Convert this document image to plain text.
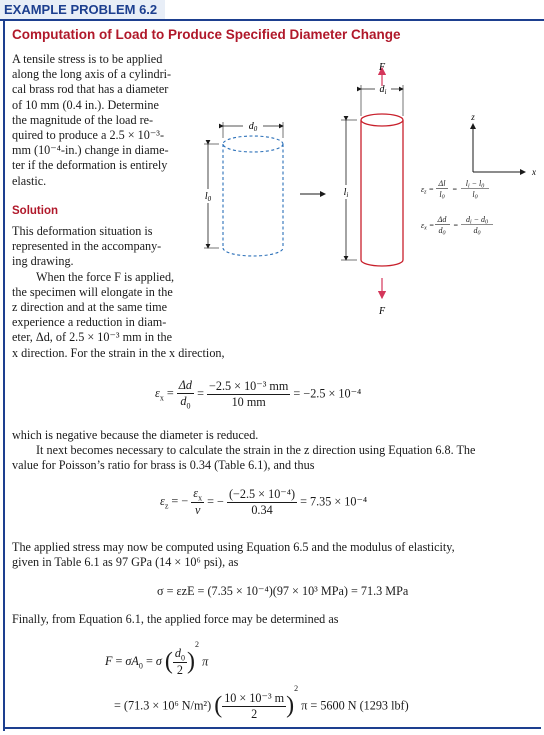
EXAMPLE PROBLEM 6.2
Computation of Load to Produce Specified Diameter Change
A tensile stress is to be applied
along the long axis of a cylindri-
cal brass rod that has a diameter
of 10 mm (0.4 in.). Determine
the magnitude of the load re-
quired to produce a 2.5 × 10⁻³-
mm (10⁻⁴-in.) change in diame-
ter if the deformation is entirely
elastic.
Solution
This deformation situation is
represented in the accompany-
ing drawing.
When the force F is applied,
the specimen will elongate in the
z direction and at the same time
experience a reduction in diam-
eter, Δd, of 2.5 × 10⁻³ mm in the
x direction. For the strain in the x direction,
$d_0$
$l_0$
$d_i$
$l_i$
F
F
z
x
εz =
Δl
l0
=
li − l0
l0
εx =
Δd
d0
=
di − d0
d0
$\varepsilon_x = \frac{\Delta d}{d_0} = \frac{\text{−2.5 × 10⁻³ mm}}{10 mm} = -2.5 \times 10^{-4}$
which is negative because the diameter is reduced.
It next becomes necessary to calculate the strain in the z direction using Equation 6.8. The
value for Poisson’s ratio for brass is 0.34 (Table 6.1), and thus
$\varepsilon_z$ = − $\frac{\varepsilon_x}{\nu}$ = − $\frac{\text{(−2.5 × 10⁻⁴)}}{0.34} = 7.35 \times 10^{-4}$
The applied stress may now be computed using Equation 6.5 and the modulus of elasticity,
given in Table 6.1 as 97 GPa (14 × 10⁶ psi), as
σ = εzE = (7.35 × 10⁻⁴)(97 × 10³ MPa) = 71.3 MPa
Finally, from Equation 6.1, the applied force may be determined as
$F = \sigma A_0 = \sigma$ ( $\frac{d_0}{2} )^2$ π
= (71.3 × 10⁶ N/m²) ( $\frac{\text{10 × 10⁻³ m}}{2} )^2$ π = 5600 N (1293 lbf)
